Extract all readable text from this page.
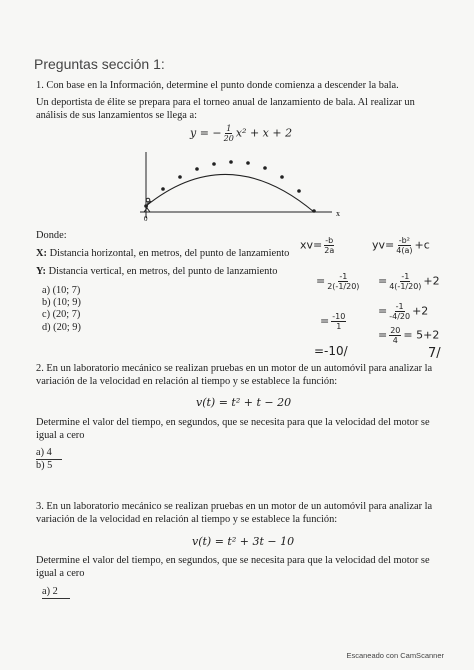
Preguntas sección 1:
1. Con base en la Información, determine el punto donde comienza a descender la bala.
Un deportista de élite se prepara para el torneo anual de lanzamiento de bala. Al realizar un análisis de sus lanzamientos se llega a:
y = − $\frac{1}{20} x^2 + x + 2$
x
0
Donde:
X: Distancia horizontal, en metros, del punto de lanzamiento
Y: Distancia vertical, en metros, del punto de lanzamiento
a) (10; 7)
b) (10; 9)
c) (20; 7)
d) (20; 9)
$xv= \frac{-b}{2a}$	$yv= \frac{\text{-b²}}{4(a)} +c$
= $\frac{-1}{2(-1/20)}$
= $\frac{-10}{1}$
=-10/
= $\frac{-1}{4(-1/20)} +2$
= $\frac{-1}{-4/20} +2$
= $\frac{20}{4} = 5+2$
7/
2. En un laboratorio mecánico se realizan pruebas en un motor de un automóvil para analizar la variación de la velocidad en relación al tiempo y se establece la función:
v(t) = t² + t − 20
Determine el valor del tiempo, en segundos, que se necesita para que la velocidad del motor se igual a cero
a) 4
b) 5
3. En un laboratorio mecánico se realizan pruebas en un motor de un automóvil para analizar la variación de la velocidad en relación al tiempo y se establece la función:
v(t) = t² + 3t − 10
Determine el valor del tiempo, en segundos, que se necesita para que la velocidad del motor se igual a cero
a) 2
Escaneado con CamScanner
